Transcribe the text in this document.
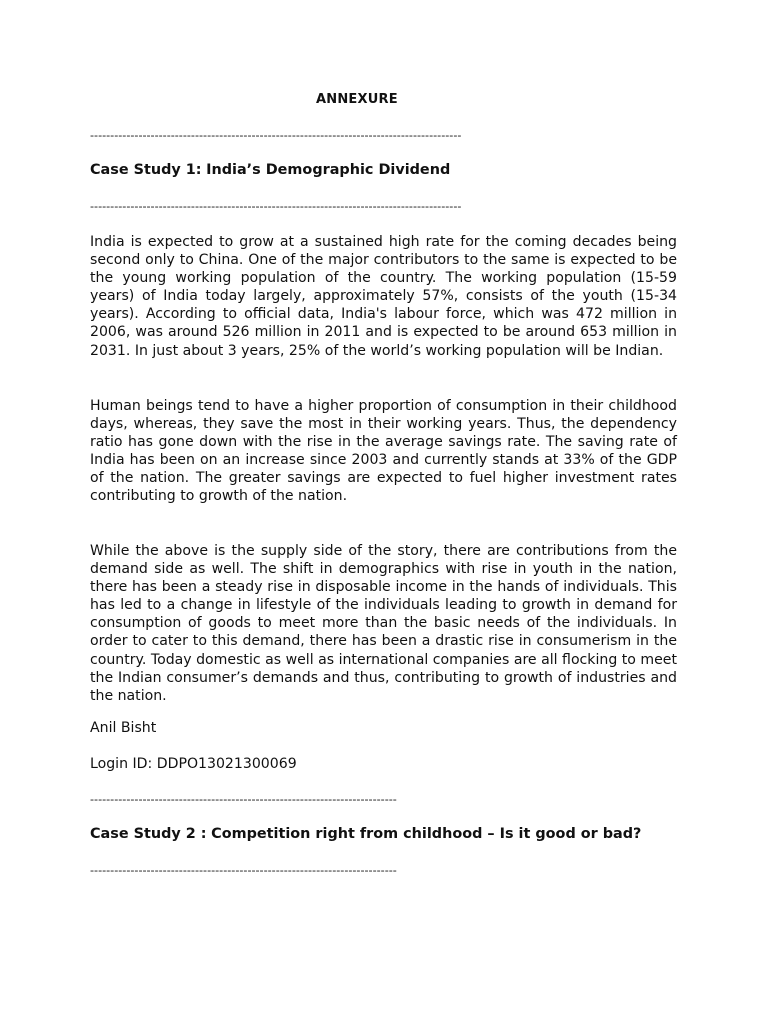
ANNEXURE
--------------------------------------------------------------------------------------------
Case Study 1: India’s Demographic Dividend
--------------------------------------------------------------------------------------------

India is expected to grow at a sustained high rate for the coming decades being second only to China. One of the major contributors to the same is expected to be the young working population of the country. The working population (15-59 years) of India today largely, approximately 57%, consists of the youth (15-34 years). According to official data, India's labour force, which was 472 million in 2006, was around 526 million in 2011 and is expected to be around 653 million in 2031. In just about 3 years, 25% of the world’s working population will be Indian.

Human beings tend to have a higher proportion of consumption in their childhood days, whereas, they save the most in their working years. Thus, the dependency ratio has gone down with the rise in the average savings rate. The saving rate of India has been on an increase since 2003 and currently stands at 33% of the GDP of the nation. The greater savings are expected to fuel higher investment rates contributing to growth of the nation.

While the above is the supply side of the story, there are contributions from the demand side as well. The shift in demographics with rise in youth in the nation, there has been a steady rise in disposable income in the hands of individuals. This has led to a change in lifestyle of the individuals leading to growth in demand for consumption of goods to meet more than the basic needs of the individuals. In order to cater to this demand, there has been a drastic rise in consumerism in the country. Today domestic as well as international companies are all flocking to meet the Indian consumer’s demands and thus, contributing to growth of industries and the nation.

Anil Bisht
Login ID: DDPO13021300069
----------------------------------------------------------------------------
Case Study 2 : Competition right from childhood – Is it good or bad?
----------------------------------------------------------------------------
